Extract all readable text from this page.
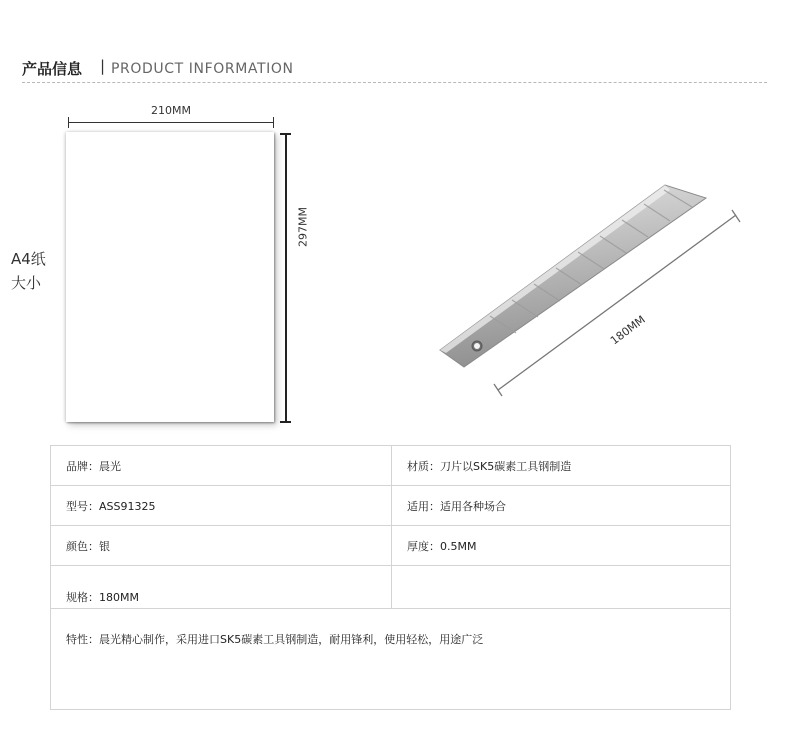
产品信息 | PRODUCT INFORMATION
A4纸
大小
210MM
297MM
180MM
品牌：晨光	材质：刀片以SK5碳素工具钢制造
型号：ASS91325	适用：适用各种场合
颜色：银	厚度：0.5MM
规格：180MM	
特性：晨光精心制作，采用进口SK5碳素工具钢制造，耐用锋利，使用轻松，用途广泛	
